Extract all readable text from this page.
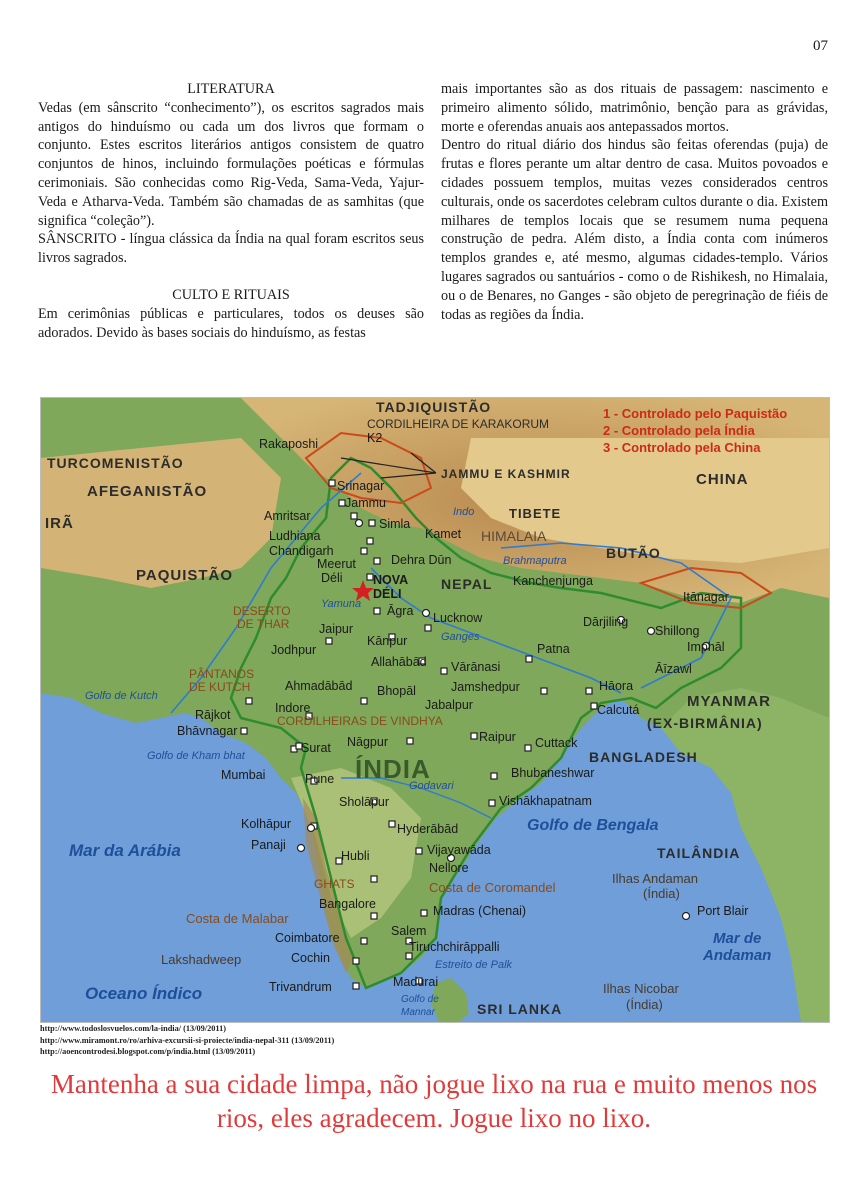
07
LITERATURA

Vedas (em sânscrito “conhecimento”), os escritos sagrados mais antigos do hinduísmo ou cada um dos livros que formam o conjunto. Estes escritos literários antigos consistem de quatro conjuntos de hinos, incluindo formulações poéticas e fórmulas cerimoniais. São conhecidas como Rig-Veda, Sama-Veda, Yajur-Veda e Atharva-Veda. Também são chamadas de as samhitas (que significa “coleção”).

SÂNSCRITO - língua clássica da Índia na qual foram escritos seus livros sagrados.

CULTO E RITUAIS

Em cerimônias públicas e particulares, todos os deuses são adorados. Devido às bases sociais do hinduísmo, as festas

mais importantes são as dos rituais de passagem: nascimento e primeiro alimento sólido, matrimônio, benção para as grávidas, morte e oferendas anuais aos antepassados mortos.

Dentro do ritual diário dos hindus são feitas oferendas (puja) de frutas e flores perante um altar dentro de casa. Muitos povoados e cidades possuem templos, muitas vezes considerados centros culturais, onde os sacerdotes celebram cultos durante o dia. Existem milhares de templos locais que se resumem numa pequena construção de pedra. Além disto, a Índia conta com inúmeros templos grandes e, até mesmo, algumas cidades-templo. Vários lugares sagrados ou santuários - como o de Rishikesh, no Himalaia, ou o de Benares, no Ganges - são objeto de peregrinação de fiéis de todas as regiões da Índia.

1 - Controlado pelo Paquistão
2 - Controlado pela Índia
3 - Controlado pela China
TADJIQUISTÃO
TURCOMENISTÃO
AFEGANISTÃO
IRÃ
PAQUISTÃO
CHINA
TIBETE
NEPAL
BUTÃO
ÍNDIA	BANGLADESH
MYANMAR
(EX-BIRMÂNIA)
TAILÂNDIA
SRI LANKA
JAMMU E KASHMIR
CORDILHEIRA DE KARAKORUM
HIMALAIA
DESERTO
DE THAR
PÂNTANOS
DE KUTCH
CORDILHEIRAS DE VINDHYA
GHATS	Costa de Coromandel
Costa de Malabar
Lakshadweep
Ilhas Andaman
(Índia)
Ilhas Nicobar
(Índia)
Mar da Arábia
Golfo de Bengala
Oceano Índico
Mar de
Andaman
Golfo de Kutch
Golfo de Kham bhat
Estreito de Palk
Golfo de
Mannar
Indo
Yamuna
Ganges
Brahmaputra
Godavari
Rakaposhi	K2
Srinagar
Jammu
Amritsar
Simla
Kamet
Ludhiana
Chandigarh
Dehra Dūn
Meerut
Déli NOVA
DÉLI
Kanchenjunga
Itānagar
Āgra Lucknow
Jaipur	Dārjiling
Shillong
Imphāl
Kānpur
Jodhpur	Patna
Allahābād Vārānasi	Āīzawl
Ahmadābād Bhopāl	Jamshedpur	Hāora
Rājkot	Indore	Jabalpur	Calcutá
Bhāvnagar	Raipur
Surat Nāgpur	Cuttack
Mumbai	Pune	Bhubaneshwar
Sholāpur	Vishākhapatnam
Kolhāpur	Hyderābād
Panaji	Vijayawāda
Hubli
Nellore
Bangalore	Madras (Chenai)	Port Blair
Coimbatore	Salem
Cochin
Tiruchchirāppalli
Madurai
Trivandrum
http://www.todoslosvuelos.com/la-india/ (13/09/2011)
http://www.miramont.ro/ro/arhiva-excursii-si-proiecte/india-nepal-311 (13/09/2011)
http://aoencontrodesi.blogspot.com/p/india.html (13/09/2011)
Mantenha a sua cidade limpa, não jogue lixo na rua e muito menos nos rios, eles agradecem. Jogue lixo no lixo.
